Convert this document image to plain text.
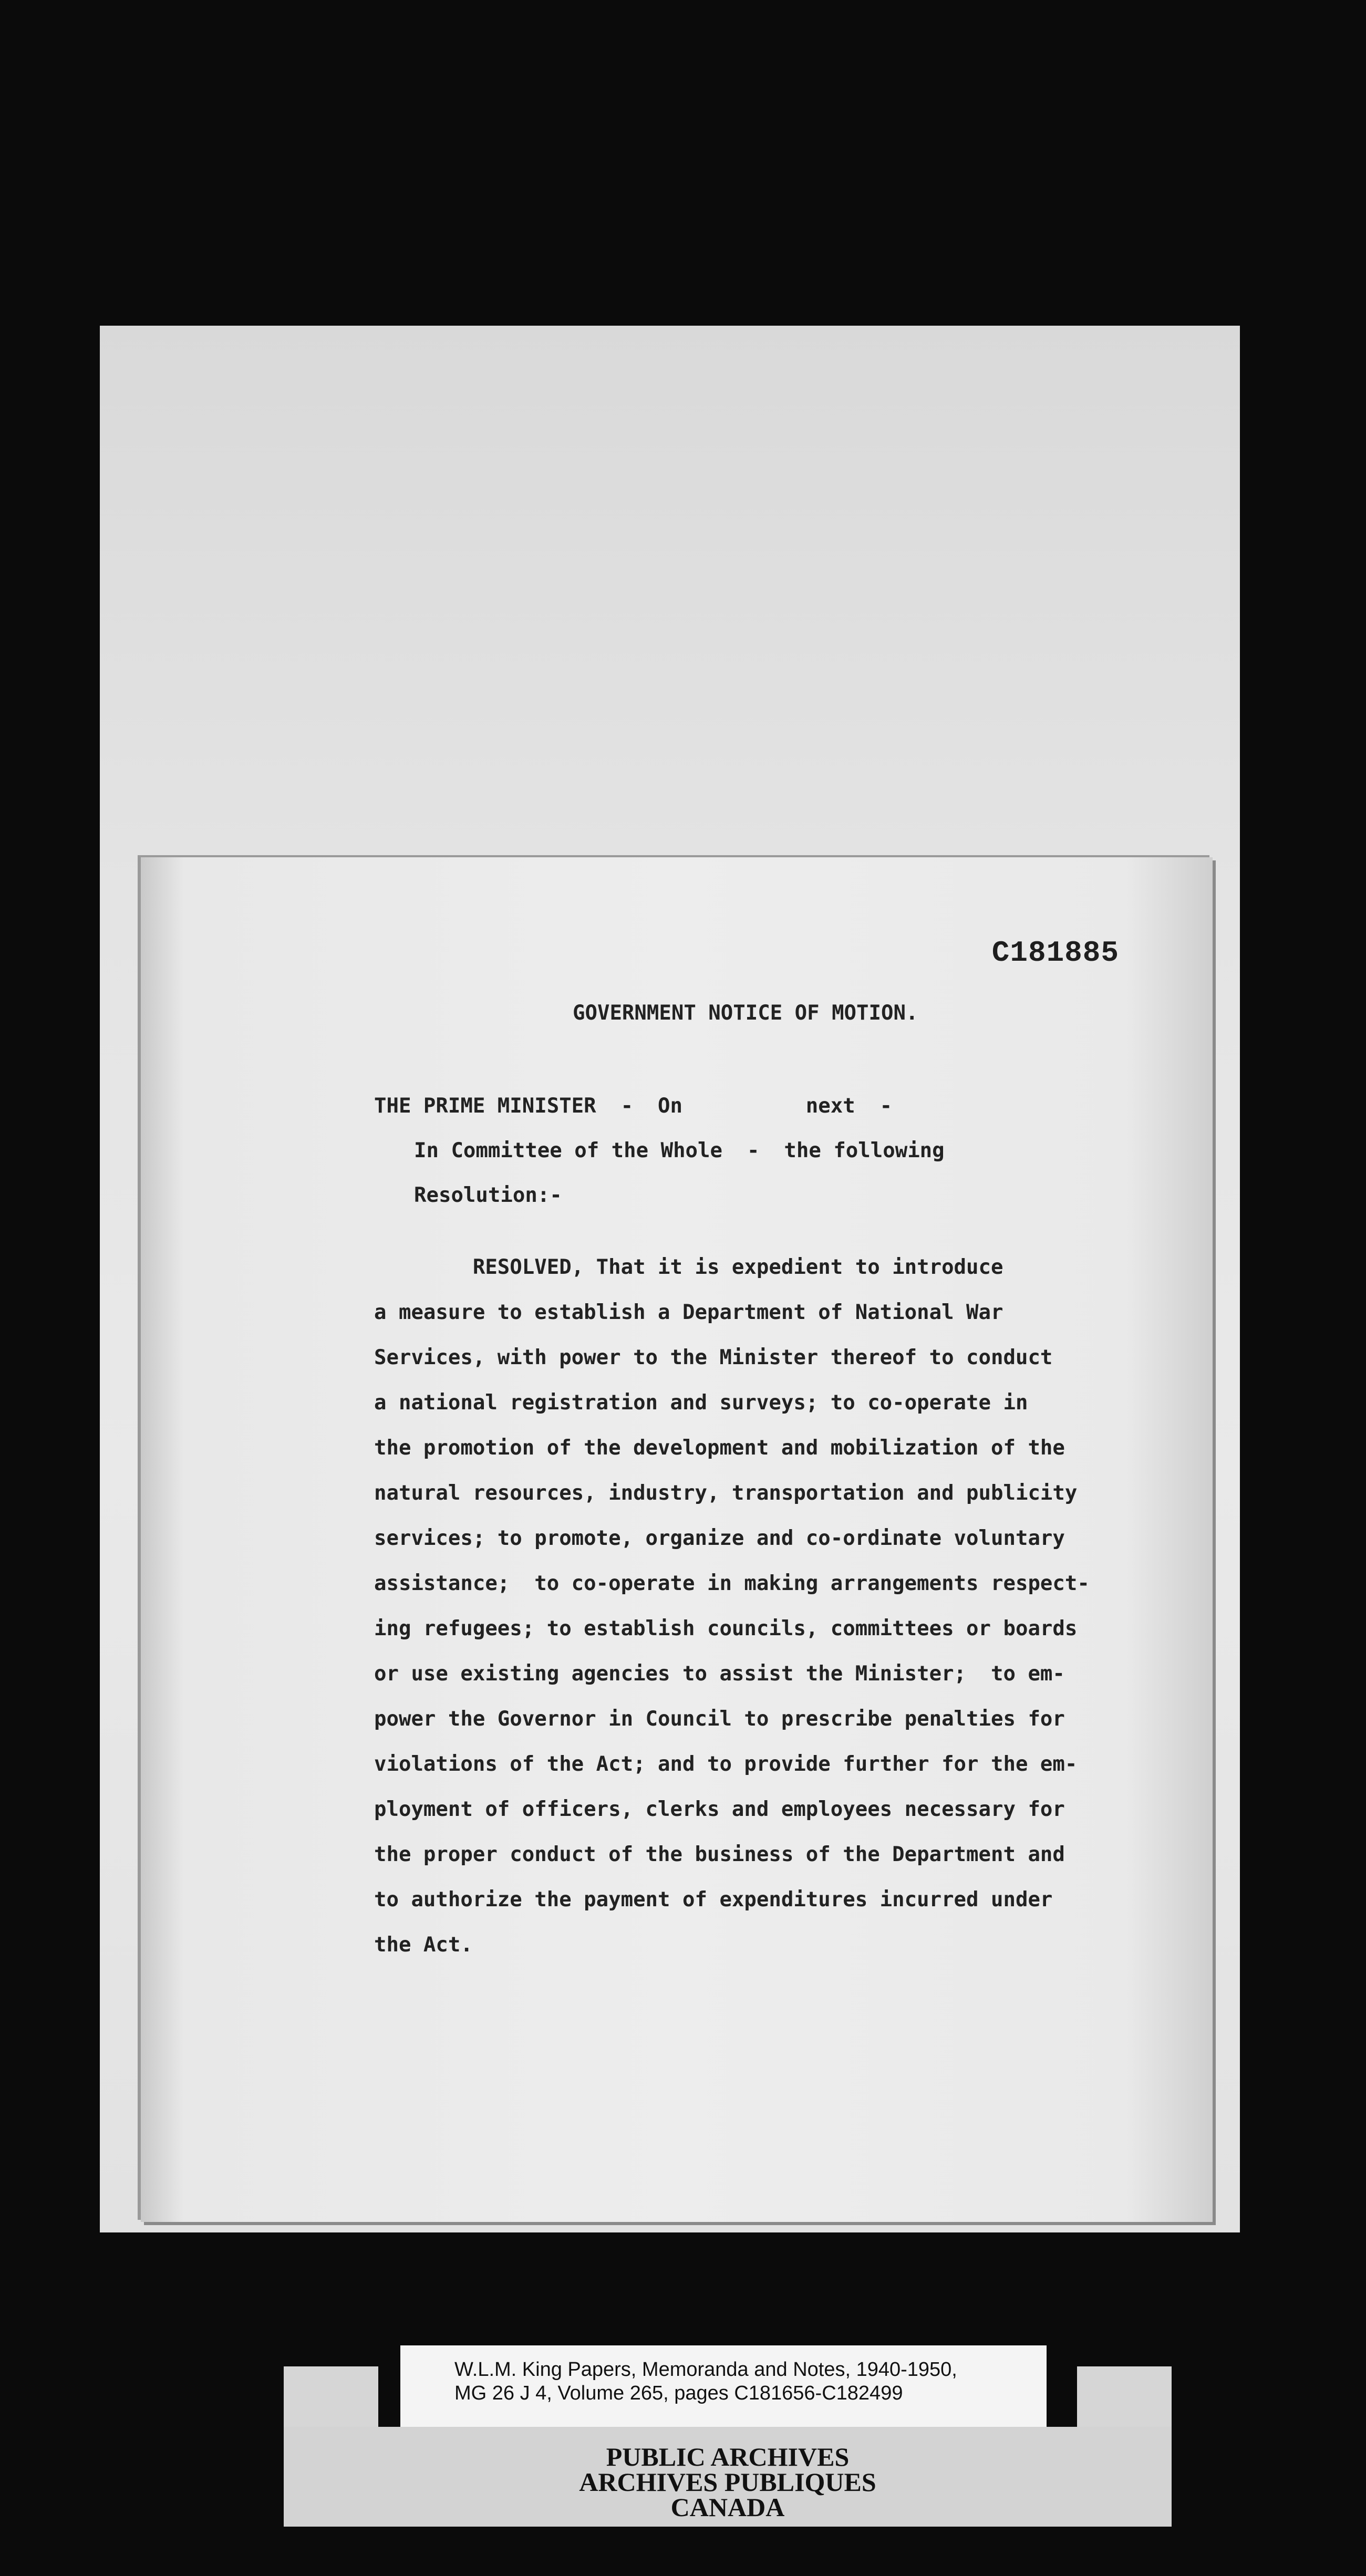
C181885
GOVERNMENT NOTICE OF MOTION.
THE PRIME MINISTER  -  On          next  -
In Committee of the Whole  -  the following
Resolution:-
RESOLVED, That it is expedient to introduce
a measure to establish a Department of National War
Services, with power to the Minister thereof to conduct
a national registration and surveys; to co-operate in
the promotion of the development and mobilization of the
natural resources, industry, transportation and publicity
services; to promote, organize and co-ordinate voluntary
assistance;  to co-operate in making arrangements respect-
ing refugees; to establish councils, committees or boards
or use existing agencies to assist the Minister;  to em-
power the Governor in Council to prescribe penalties for
violations of the Act; and to provide further for the em-
ployment of officers, clerks and employees necessary for
the proper conduct of the business of the Department and
to authorize the payment of expenditures incurred under
the Act.
W.L.M. King Papers, Memoranda and Notes, 1940-1950,
MG 26 J 4, Volume 265, pages C181656-C182499
PUBLIC ARCHIVES
ARCHIVES PUBLIQUES
CANADA
